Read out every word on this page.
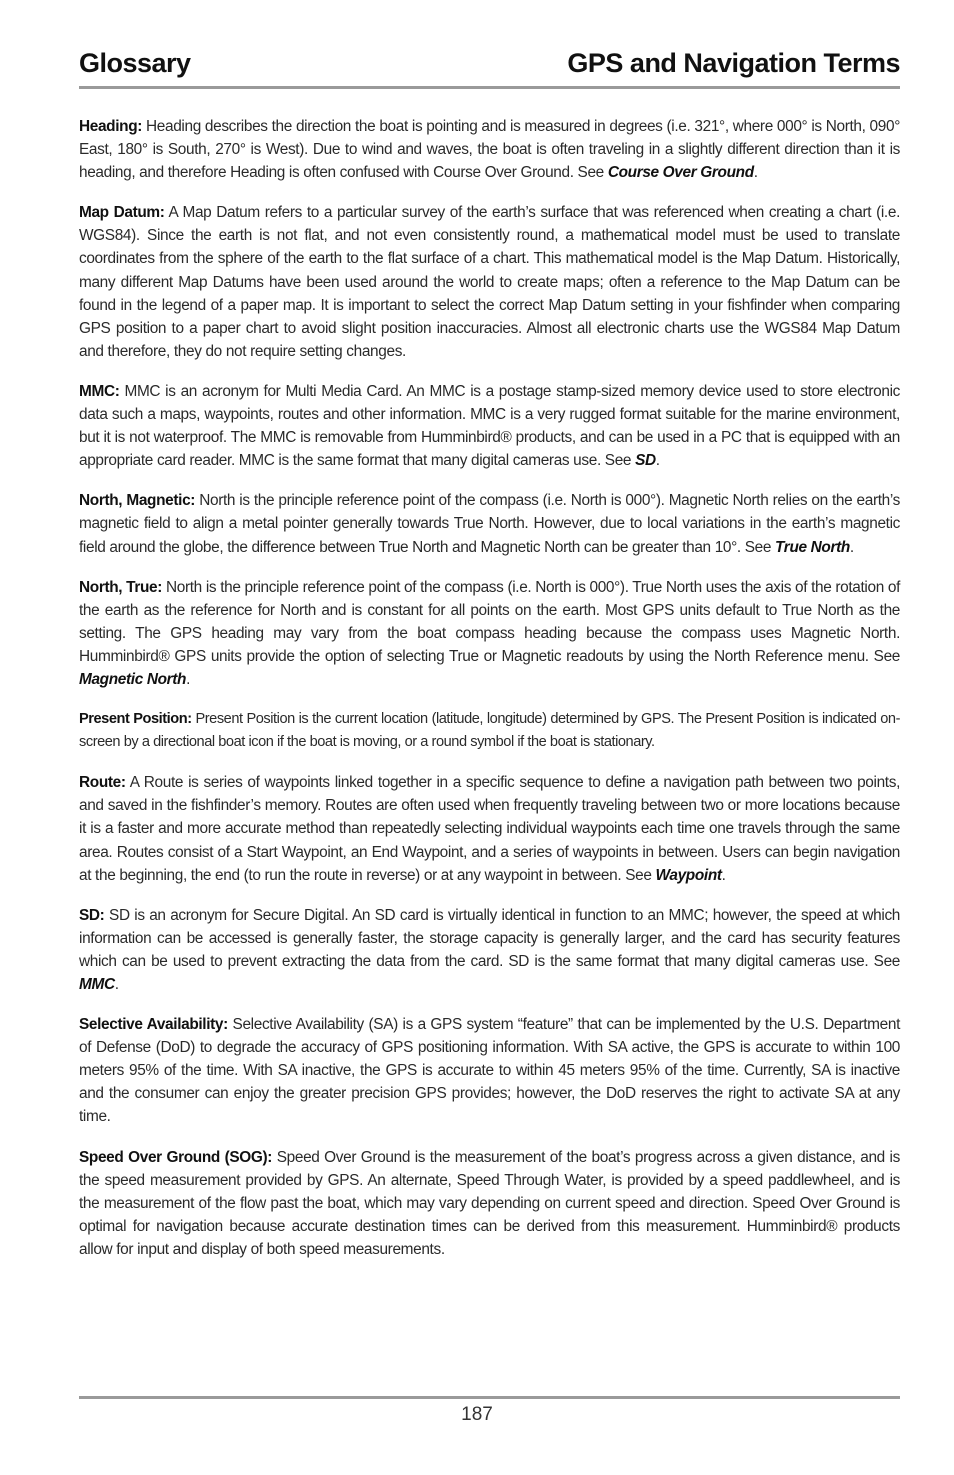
Glossary	GPS and Navigation Terms

Heading: Heading describes the direction the boat is pointing and is measured in degrees (i.e. 321°, where 000° is North, 090° East, 180° is South, 270° is West). Due to wind and waves, the boat is often traveling in a slightly different direction than it is heading, and therefore Heading is often confused with Course Over Ground. See Course Over Ground.

Map Datum: A Map Datum refers to a particular survey of the earth’s surface that was referenced when creating a chart (i.e. WGS84). Since the earth is not flat, and not even consistently round, a mathematical model must be used to translate coordinates from the sphere of the earth to the flat surface of a chart. This mathematical model is the Map Datum. Historically, many different Map Datums have been used around the world to create maps; often a reference to the Map Datum can be found in the legend of a paper map. It is important to select the correct Map Datum setting in your fishfinder when comparing GPS position to a paper chart to avoid slight position inaccuracies. Almost all electronic charts use the WGS84 Map Datum and therefore, they do not require setting changes.

MMC: MMC is an acronym for Multi Media Card. An MMC is a postage stamp-sized memory device used to store electronic data such a maps, waypoints, routes and other information. MMC is a very rugged format suitable for the marine environment, but it is not waterproof. The MMC is removable from Humminbird® products, and can be used in a PC that is equipped with an appropriate card reader. MMC is the same format that many digital cameras use. See SD.

North, Magnetic: North is the principle reference point of the compass (i.e. North is 000°). Magnetic North relies on the earth’s magnetic field to align a metal pointer generally towards True North. However, due to local variations in the earth’s magnetic field around the globe, the difference between True North and Magnetic North can be greater than 10°. See True North.

North, True: North is the principle reference point of the compass (i.e. North is 000°). True North uses the axis of the rotation of the earth as the reference for North and is constant for all points on the earth. Most GPS units default to True North as the setting. The GPS heading may vary from the boat compass heading because the compass uses Magnetic North. Humminbird® GPS units provide the option of selecting True or Magnetic readouts by using the North Reference menu. See Magnetic North.

Present Position: Present Position is the current location (latitude, longitude) determined by GPS. The Present Position is indicated on-screen by a directional boat icon if the boat is moving, or a round symbol if the boat is stationary.

Route: A Route is series of waypoints linked together in a specific sequence to define a navigation path between two points, and saved in the fishfinder’s memory. Routes are often used when frequently traveling between two or more locations because it is a faster and more accurate method than repeatedly selecting individual waypoints each time one travels through the same area. Routes consist of a Start Waypoint, an End Waypoint, and a series of waypoints in between. Users can begin navigation at the beginning, the end (to run the route in reverse) or at any waypoint in between. See Waypoint.

SD: SD is an acronym for Secure Digital. An SD card is virtually identical in function to an MMC; however, the speed at which information can be accessed is generally faster, the storage capacity is generally larger, and the card has security features which can be used to prevent extracting the data from the card. SD is the same format that many digital cameras use. See MMC.

Selective Availability: Selective Availability (SA) is a GPS system “feature” that can be implemented by the U.S. Department of Defense (DoD) to degrade the accuracy of GPS positioning information. With SA active, the GPS is accurate to within 100 meters 95% of the time. With SA inactive, the GPS is accurate to within 45 meters 95% of the time. Currently, SA is inactive and the consumer can enjoy the greater precision GPS provides; however, the DoD reserves the right to activate SA at any time.

Speed Over Ground (SOG): Speed Over Ground is the measurement of the boat’s progress across a given distance, and is the speed measurement provided by GPS. An alternate, Speed Through Water, is provided by a speed paddlewheel, and is the measurement of the flow past the boat, which may vary depending on current speed and direction. Speed Over Ground is optimal for navigation because accurate destination times can be derived from this measurement. Humminbird® products allow for input and display of both speed measurements.

187
